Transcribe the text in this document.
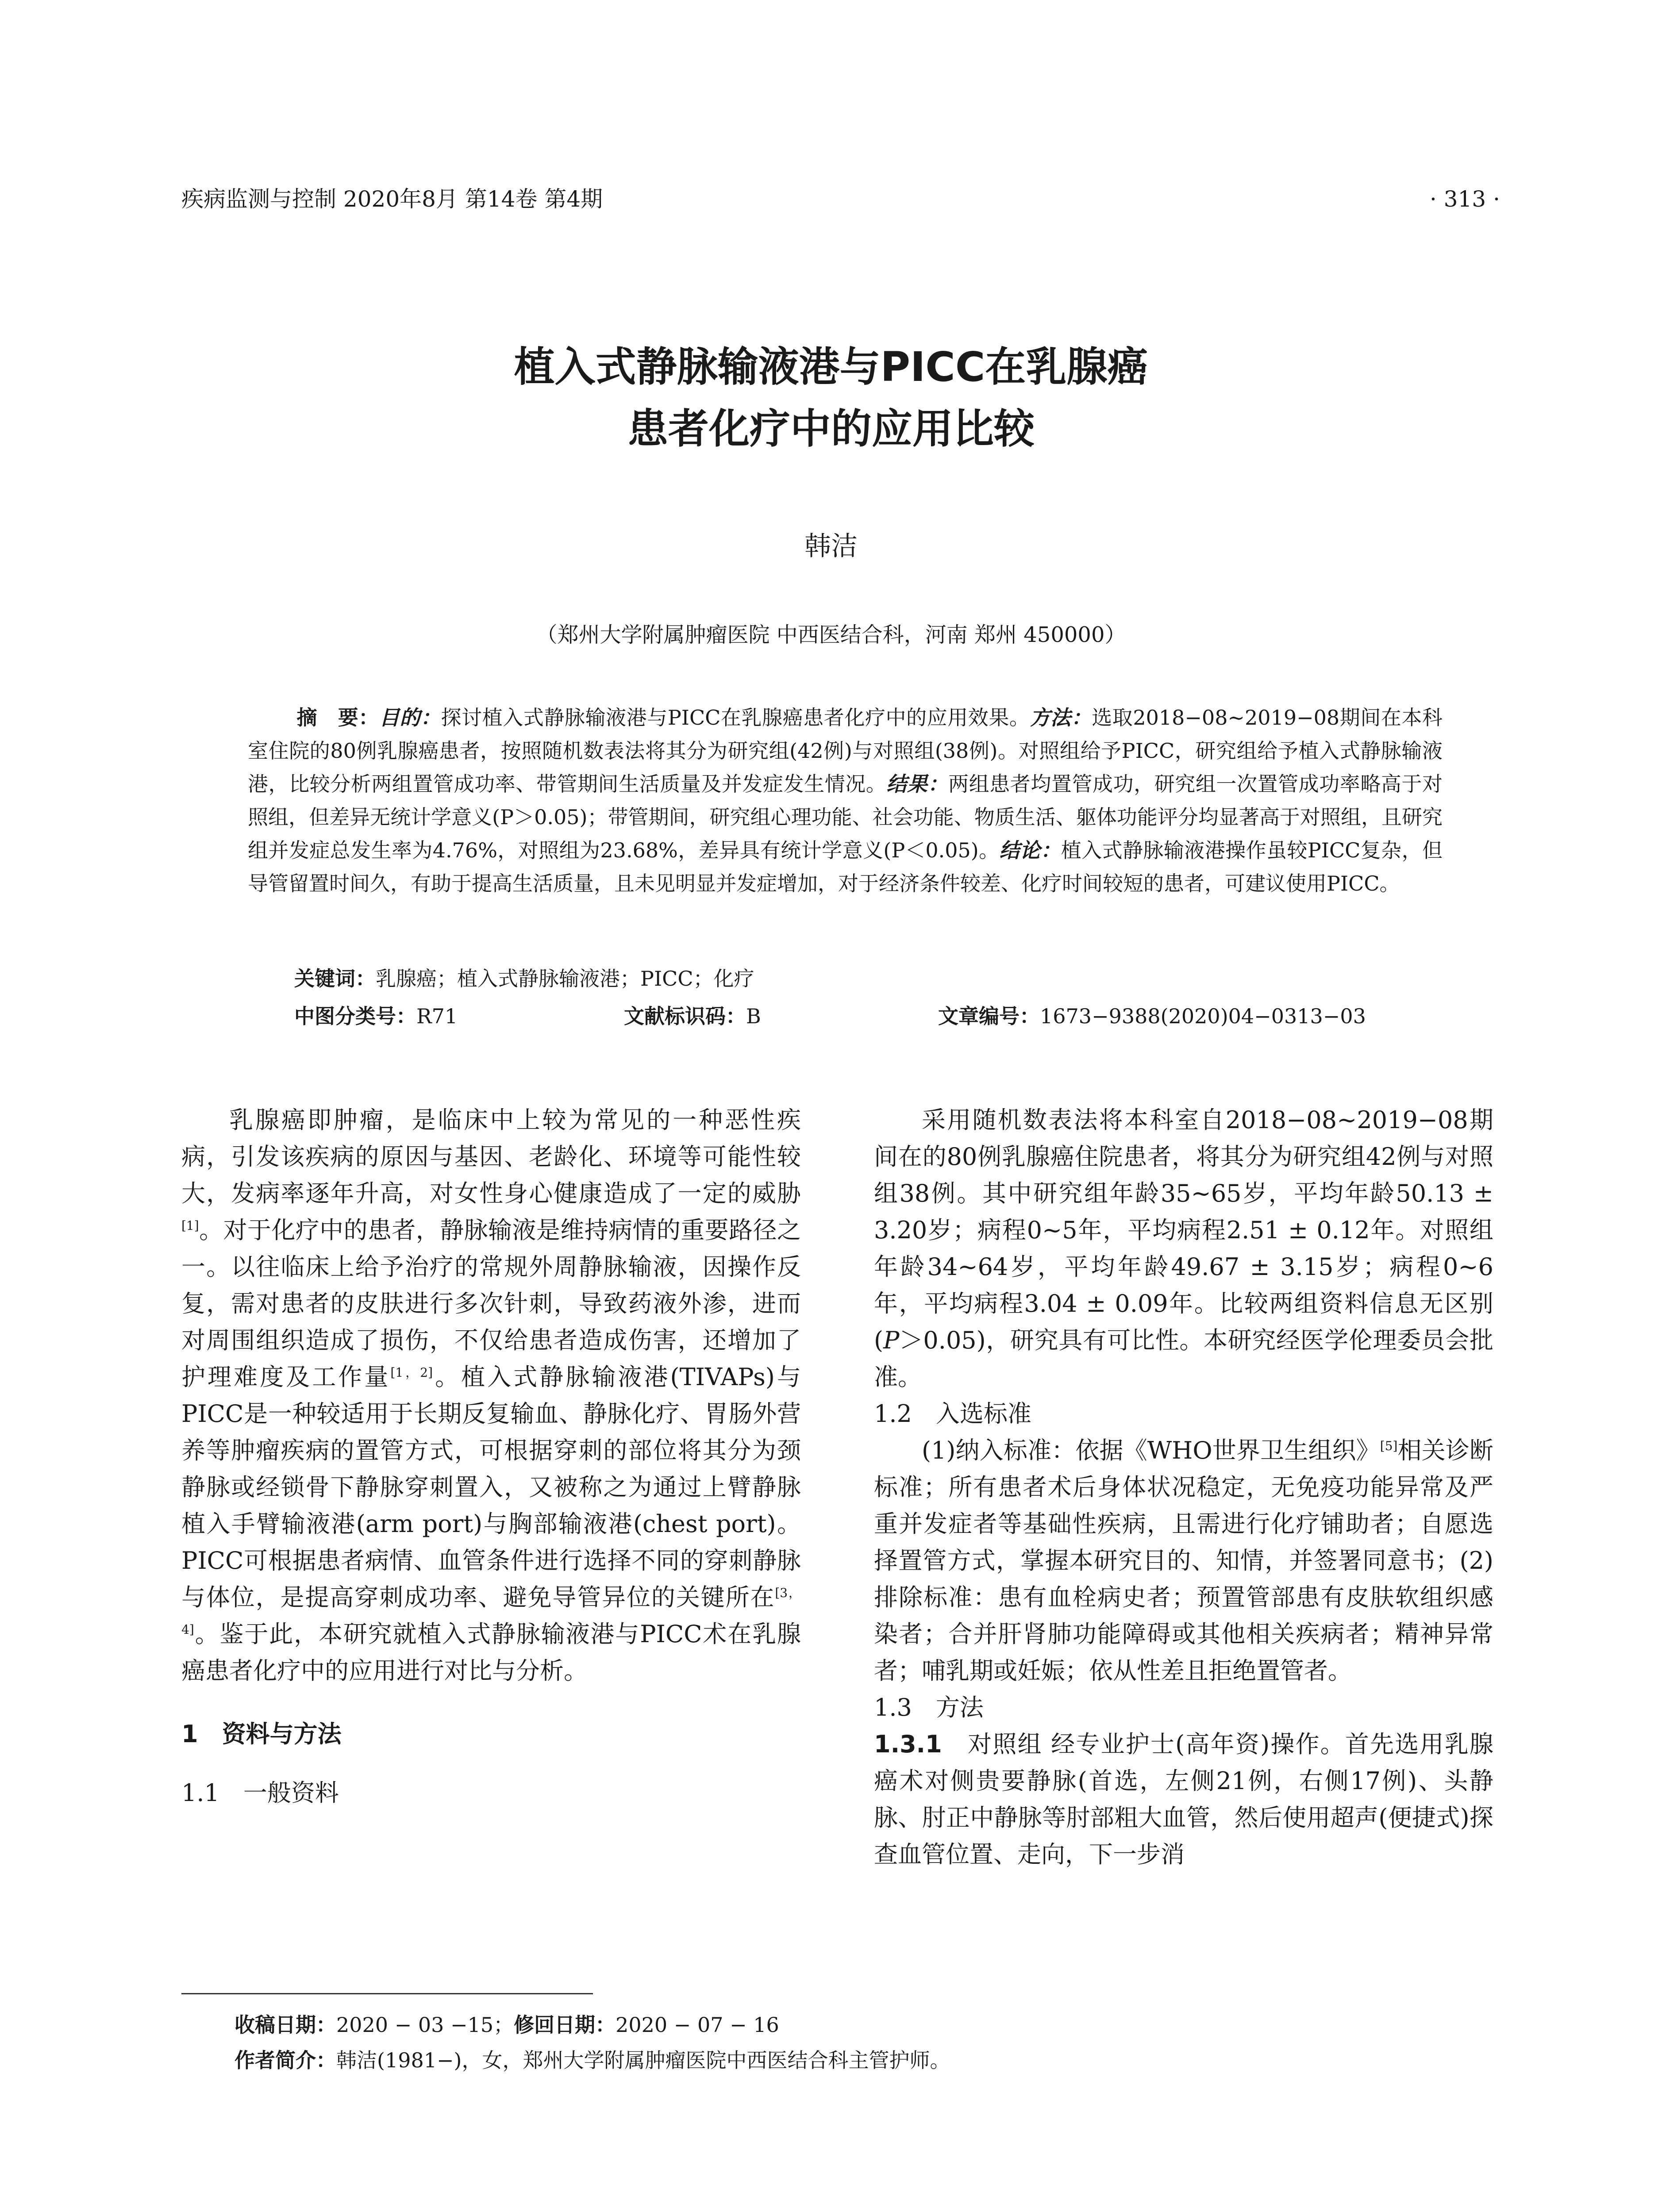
疾病监测与控制 2020年8月 第14卷 第4期	· 313 ·
植入式静脉输液港与PICC在乳腺癌
患者化疗中的应用比较
韩洁
（郑州大学附属肿瘤医院 中西医结合科，河南 郑州 450000）
摘　要：目的：探讨植入式静脉输液港与PICC在乳腺癌患者化疗中的应用效果。方法：选取2018−08~2019−08期间在本科室住院的80例乳腺癌患者，按照随机数表法将其分为研究组(42例)与对照组(38例)。对照组给予PICC，研究组给予植入式静脉输液港，比较分析两组置管成功率、带管期间生活质量及并发症发生情况。结果：两组患者均置管成功，研究组一次置管成功率略高于对照组，但差异无统计学意义(P＞0.05)；带管期间，研究组心理功能、社会功能、物质生活、躯体功能评分均显著高于对照组，且研究组并发症总发生率为4.76%，对照组为23.68%，差异具有统计学意义(P＜0.05)。结论：植入式静脉输液港操作虽较PICC复杂，但导管留置时间久，有助于提高生活质量，且未见明显并发症增加，对于经济条件较差、化疗时间较短的患者，可建议使用PICC。
关键词：乳腺癌；植入式静脉输液港；PICC；化疗
中图分类号：R71	文献标识码：B	文章编号：1673−9388(2020)04−0313−03

乳腺癌即肿瘤，是临床中上较为常见的一种恶性疾病，引发该疾病的原因与基因、老龄化、环境等可能性较大，发病率逐年升高，对女性身心健康造成了一定的威胁[1]。对于化疗中的患者，静脉输液是维持病情的重要路径之一。以往临床上给予治疗的常规外周静脉输液，因操作反复，需对患者的皮肤进行多次针刺，导致药液外渗，进而对周围组织造成了损伤，不仅给患者造成伤害，还增加了护理难度及工作量[1，2]。植入式静脉输液港(TIVAPs)与PICC是一种较适用于长期反复输血、静脉化疗、胃肠外营养等肿瘤疾病的置管方式，可根据穿刺的部位将其分为颈静脉或经锁骨下静脉穿刺置入，又被称之为通过上臂静脉植入手臂输液港(arm port)与胸部输液港(chest port)。PICC可根据患者病情、血管条件进行选择不同的穿刺静脉与体位，是提高穿刺成功率、避免导管异位的关键所在[3，4]。鉴于此，本研究就植入式静脉输液港与PICC术在乳腺癌患者化疗中的应用进行对比与分析。

1　资料与方法

1.1　一般资料

采用随机数表法将本科室自2018−08~2019−08期间在的80例乳腺癌住院患者，将其分为研究组42例与对照组38例。其中研究组年龄35~65岁，平均年龄50.13 ± 3.20岁；病程0~5年，平均病程2.51 ± 0.12年。对照组年龄34~64岁，平均年龄49.67 ± 3.15岁；病程0~6年，平均病程3.04 ± 0.09年。比较两组资料信息无区别(P＞0.05)，研究具有可比性。本研究经医学伦理委员会批准。

1.2　入选标准

(1)纳入标准：依据《WHO世界卫生组织》[5]相关诊断标准；所有患者术后身体状况稳定，无免疫功能异常及严重并发症者等基础性疾病，且需进行化疗铺助者；自愿选择置管方式，掌握本研究目的、知情，并签署同意书；(2)排除标准：患有血栓病史者；预置管部患有皮肤软组织感染者；合并肝肾肺功能障碍或其他相关疾病者；精神异常者；哺乳期或妊娠；依从性差且拒绝置管者。

1.3　方法

1.3.1　对照组 经专业护士(高年资)操作。首先选用乳腺癌术对侧贵要静脉(首选，左侧21例，右侧17例)、头静脉、肘正中静脉等肘部粗大血管，然后使用超声(便捷式)探查血管位置、走向，下一步消

收稿日期：2020 − 03 −15；修回日期：2020 − 07 − 16
作者简介：韩洁(1981−)，女，郑州大学附属肿瘤医院中西医结合科主管护师。
